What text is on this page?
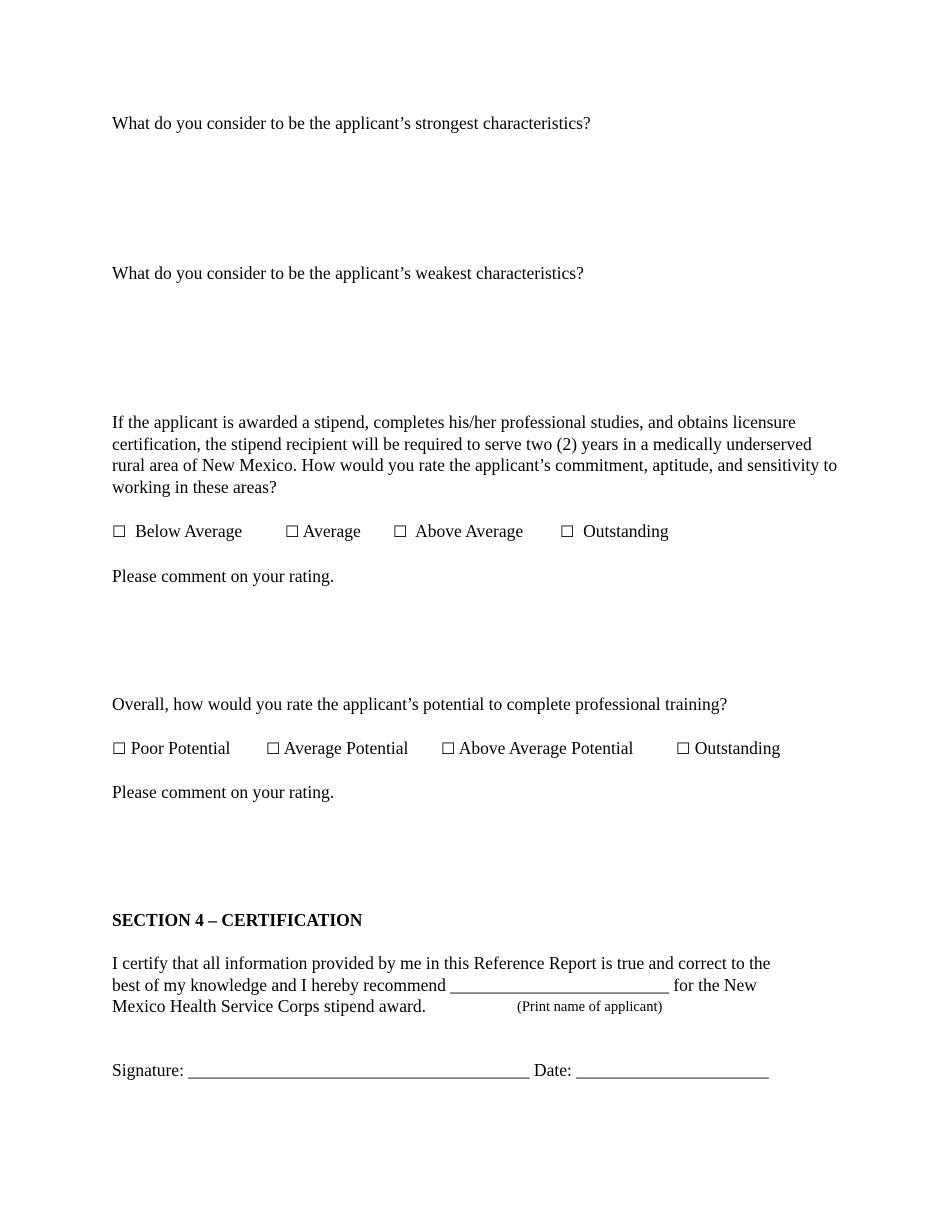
What do you consider to be the applicant’s strongest characteristics?

What do you consider to be the applicant’s weakest characteristics?

If the applicant is awarded a stipend, completes his/her professional studies, and obtains licensure certification, the stipend recipient will be required to serve two (2) years in a medically underserved rural area of New Mexico. How would you rate the applicant’s commitment, aptitude, and sensitivity to working in these areas?

☐ Below Average	☐ Average ☐ Above Average ☐ Outstanding

Please comment on your rating.

Overall, how would you rate the applicant’s potential to complete professional training?

☐ Poor Potential ☐ Average Potential ☐ Above Average Potential	☐ Outstanding

Please comment on your rating.

SECTION 4 – CERTIFICATION

I certify that all information provided by me in this Reference Report is true and correct to the
best of my knowledge and I hereby recommend _________________________ for the New
Mexico Health Service Corps stipend award.	(Print name of applicant)

Signature: _______________________________________ Date: ______________________
